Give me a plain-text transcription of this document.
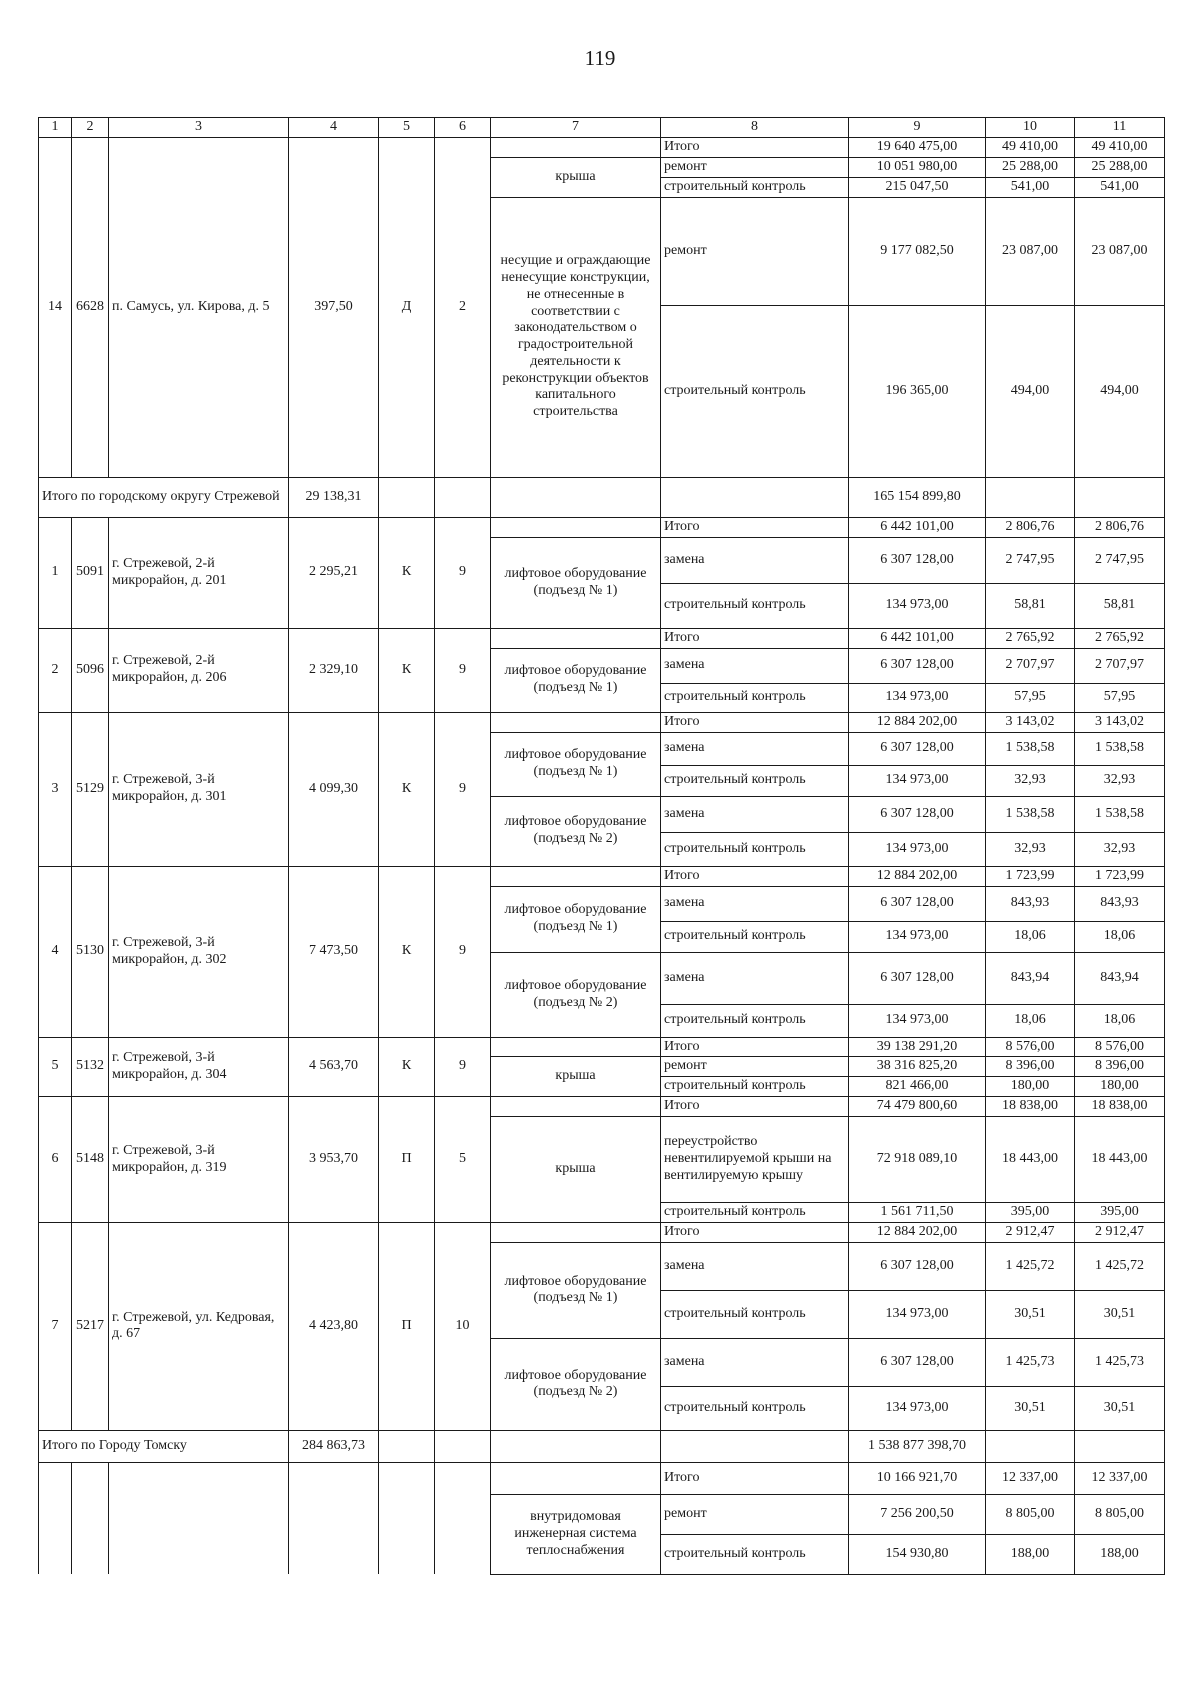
119
1	2	3	4	5	6	7	8	9	10	11
14	6628	п. Самусь, ул. Кирова, д. 5	397,50	Д	2		Итого	19 640 475,00	49 410,00	49 410,00
						крыша	ремонт	10 051 980,00	25 288,00	25 288,00
							строительный контроль	215 047,50	541,00	541,00
						несущие и ограждающие ненесущие конструкции, не отнесенные в соответствии с законодательством о градостроительной деятельности к реконструкции объектов капитального строительства	ремонт	9 177 082,50	23 087,00	23 087,00
							строительный контроль	196 365,00	494,00	494,00
Итого по городскому округу Стрежевой			29 138,31					165 154 899,80		
1	5091	г. Стрежевой, 2-й микрорайон, д. 201	2 295,21	К	9		Итого	6 442 101,00	2 806,76	2 806,76
						лифтовое оборудование (подъезд № 1)	замена	6 307 128,00	2 747,95	2 747,95
							строительный контроль	134 973,00	58,81	58,81
2	5096	г. Стрежевой, 2-й микрорайон, д. 206	2 329,10	К	9		Итого	6 442 101,00	2 765,92	2 765,92
						лифтовое оборудование (подъезд № 1)	замена	6 307 128,00	2 707,97	2 707,97
							строительный контроль	134 973,00	57,95	57,95
3	5129	г. Стрежевой, 3-й микрорайон, д. 301	4 099,30	К	9		Итого	12 884 202,00	3 143,02	3 143,02
						лифтовое оборудование (подъезд № 1)	замена	6 307 128,00	1 538,58	1 538,58
							строительный контроль	134 973,00	32,93	32,93
						лифтовое оборудование (подъезд № 2)	замена	6 307 128,00	1 538,58	1 538,58
							строительный контроль	134 973,00	32,93	32,93
4	5130	г. Стрежевой, 3-й микрорайон, д. 302	7 473,50	К	9		Итого	12 884 202,00	1 723,99	1 723,99
						лифтовое оборудование (подъезд № 1)	замена	6 307 128,00	843,93	843,93
							строительный контроль	134 973,00	18,06	18,06
						лифтовое оборудование (подъезд № 2)	замена	6 307 128,00	843,94	843,94
							строительный контроль	134 973,00	18,06	18,06
5	5132	г. Стрежевой, 3-й микрорайон, д. 304	4 563,70	К	9		Итого	39 138 291,20	8 576,00	8 576,00
						крыша	ремонт	38 316 825,20	8 396,00	8 396,00
							строительный контроль	821 466,00	180,00	180,00
6	5148	г. Стрежевой, 3-й микрорайон, д. 319	3 953,70	П	5		Итого	74 479 800,60	18 838,00	18 838,00
						крыша	переустройство невентилируемой крыши на вентилируемую крышу	72 918 089,10	18 443,00	18 443,00
							строительный контроль	1 561 711,50	395,00	395,00
7	5217	г. Стрежевой, ул. Кедровая, д. 67	4 423,80	П	10		Итого	12 884 202,00	2 912,47	2 912,47
						лифтовое оборудование (подъезд № 1)	замена	6 307 128,00	1 425,72	1 425,72
							строительный контроль	134 973,00	30,51	30,51
						лифтовое оборудование (подъезд № 2)	замена	6 307 128,00	1 425,73	1 425,73
							строительный контроль	134 973,00	30,51	30,51
Итого по Городу Томску			284 863,73					1 538 877 398,70		
							Итого	10 166 921,70	12 337,00	12 337,00
						внутридомовая инженерная система теплоснабжения	ремонт	7 256 200,50	8 805,00	8 805,00
							строительный контроль	154 930,80	188,00	188,00
